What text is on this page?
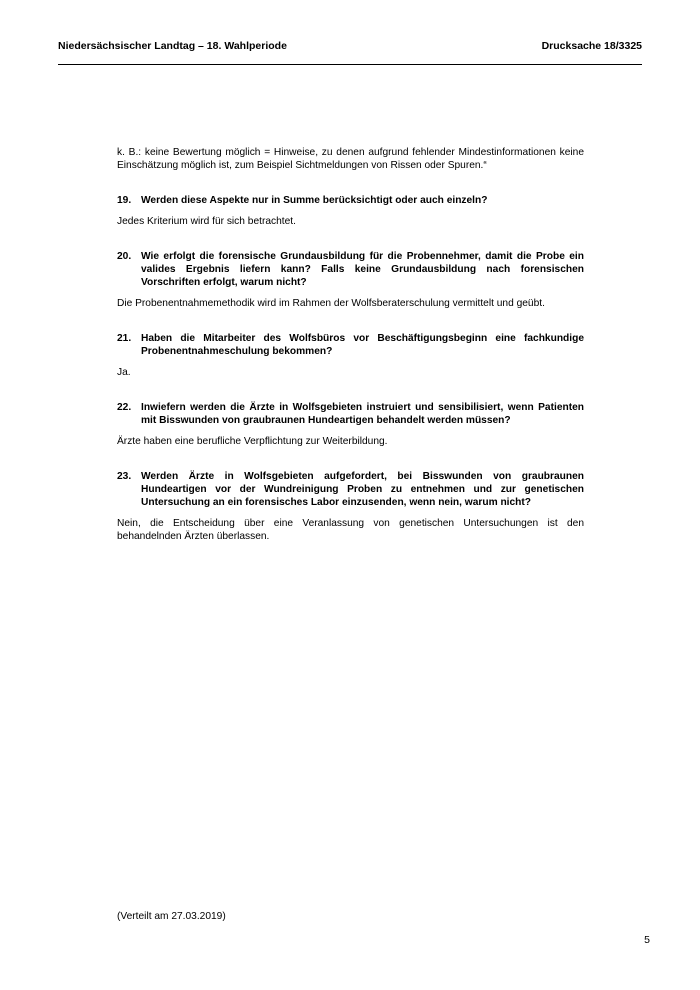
Niedersächsischer Landtag – 18. Wahlperiode	Drucksache 18/3325

k. B.: keine Bewertung möglich = Hinweise, zu denen aufgrund fehlender Mindestinformationen keine Einschätzung möglich ist, zum Beispiel Sichtmeldungen von Rissen oder Spuren.“

19. Werden diese Aspekte nur in Summe berücksichtigt oder auch einzeln?

Jedes Kriterium wird für sich betrachtet.

20. Wie erfolgt die forensische Grundausbildung für die Probennehmer, damit die Probe ein valides Ergebnis liefern kann? Falls keine Grundausbildung nach forensischen Vorschriften erfolgt, warum nicht?

Die Probenentnahmemethodik wird im Rahmen der Wolfsberaterschulung vermittelt und geübt.

21. Haben die Mitarbeiter des Wolfsbüros vor Beschäftigungsbeginn eine fachkundige Probenentnahmeschulung bekommen?

Ja.

22. Inwiefern werden die Ärzte in Wolfsgebieten instruiert und sensibilisiert, wenn Patienten mit Bisswunden von graubraunen Hundeartigen behandelt werden müssen?

Ärzte haben eine berufliche Verpflichtung zur Weiterbildung.

23. Werden Ärzte in Wolfsgebieten aufgefordert, bei Bisswunden von graubraunen Hundeartigen vor der Wundreinigung Proben zu entnehmen und zur genetischen Untersuchung an ein forensisches Labor einzusenden, wenn nein, warum nicht?

Nein, die Entscheidung über eine Veranlassung von genetischen Untersuchungen ist den behandelnden Ärzten überlassen.

(Verteilt am 27.03.2019)
5
